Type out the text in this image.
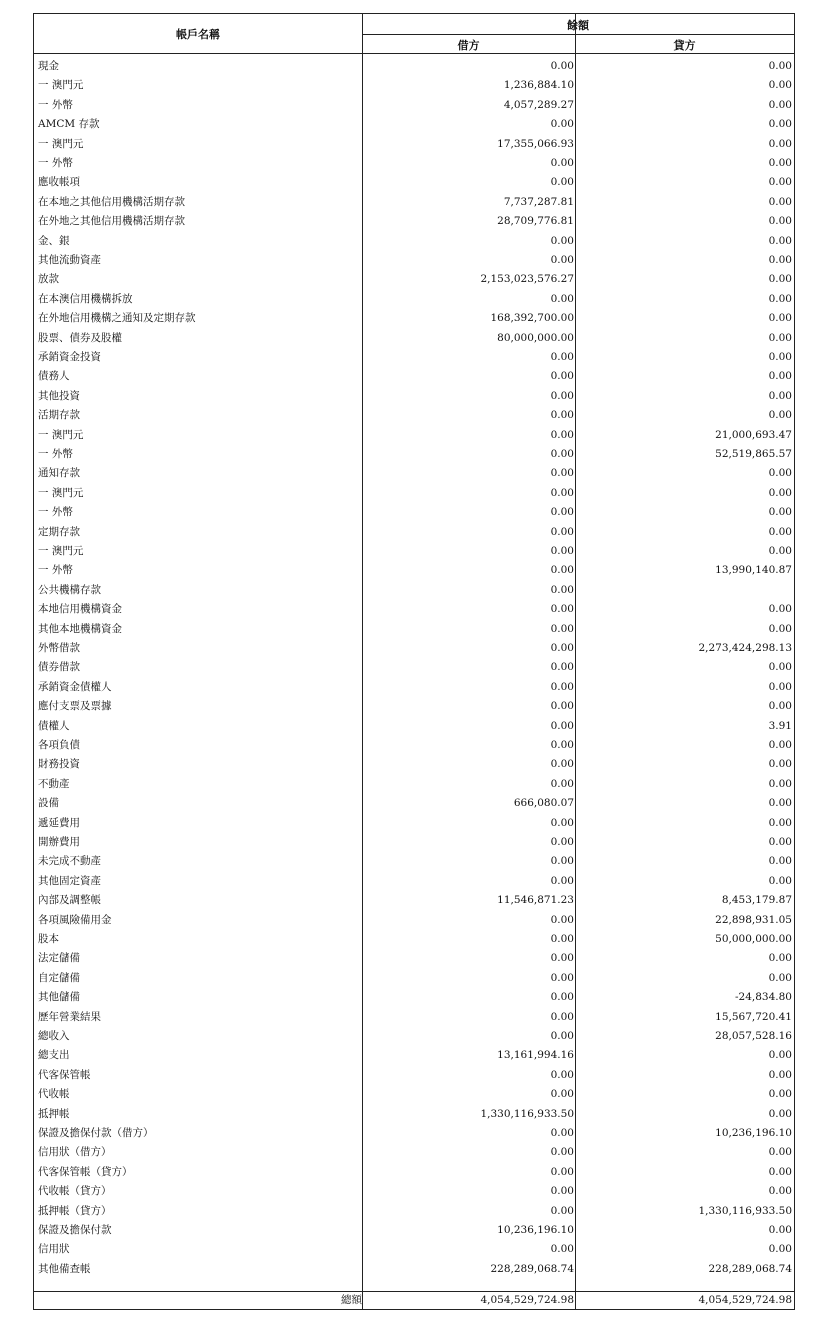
帳戶名稱
餘額
借方	貸方
現金	0.00	0.00
一 澳門元	1,236,884.10	0.00
一 外幣	4,057,289.27	0.00
AMCM 存款	0.00	0.00
一 澳門元	17,355,066.93	0.00
一 外幣	0.00	0.00
應收帳項	0.00	0.00
在本地之其他信用機構活期存款	7,737,287.81	0.00
在外地之其他信用機構活期存款	28,709,776.81	0.00
金、銀	0.00	0.00
其他流動資產	0.00	0.00
放款	2,153,023,576.27	0.00
在本澳信用機構拆放	0.00	0.00
在外地信用機構之通知及定期存款	168,392,700.00	0.00
股票、債券及股權	80,000,000.00	0.00
承銷資金投資	0.00	0.00
債務人	0.00	0.00
其他投資	0.00	0.00
活期存款	0.00	0.00
一 澳門元	0.00	21,000,693.47
一 外幣	0.00	52,519,865.57
通知存款	0.00	0.00
一 澳門元	0.00	0.00
一 外幣	0.00	0.00
定期存款	0.00	0.00
一 澳門元	0.00	0.00
一 外幣	0.00	13,990,140.87
公共機構存款	0.00
本地信用機構資金	0.00	0.00
其他本地機構資金	0.00	0.00
外幣借款	0.00	2,273,424,298.13
債券借款	0.00	0.00
承銷資金債權人	0.00	0.00
應付支票及票據	0.00	0.00
債權人	0.00	3.91
各項負債	0.00	0.00
財務投資	0.00	0.00
不動產	0.00	0.00
設備	666,080.07	0.00
遞延費用	0.00	0.00
開辦費用	0.00	0.00
未完成不動產	0.00	0.00
其他固定資產	0.00	0.00
內部及調整帳	11,546,871.23	8,453,179.87
各項風險備用金	0.00	22,898,931.05
股本	0.00	50,000,000.00
法定儲備	0.00	0.00
自定儲備	0.00	0.00
其他儲備	0.00	-24,834.80
歷年營業結果	0.00	15,567,720.41
總收入	0.00	28,057,528.16
總支出	13,161,994.16	0.00
代客保管帳	0.00	0.00
代收帳	0.00	0.00
抵押帳	1,330,116,933.50	0.00
保證及擔保付款（借方）	0.00	10,236,196.10
信用狀（借方）	0.00	0.00
代客保管帳（貸方）	0.00	0.00
代收帳（貸方）	0.00	0.00
抵押帳（貸方）	0.00	1,330,116,933.50
保證及擔保付款	10,236,196.10	0.00
信用狀	0.00	0.00
其他備查帳	228,289,068.74	228,289,068.74
總額	4,054,529,724.98	4,054,529,724.98
